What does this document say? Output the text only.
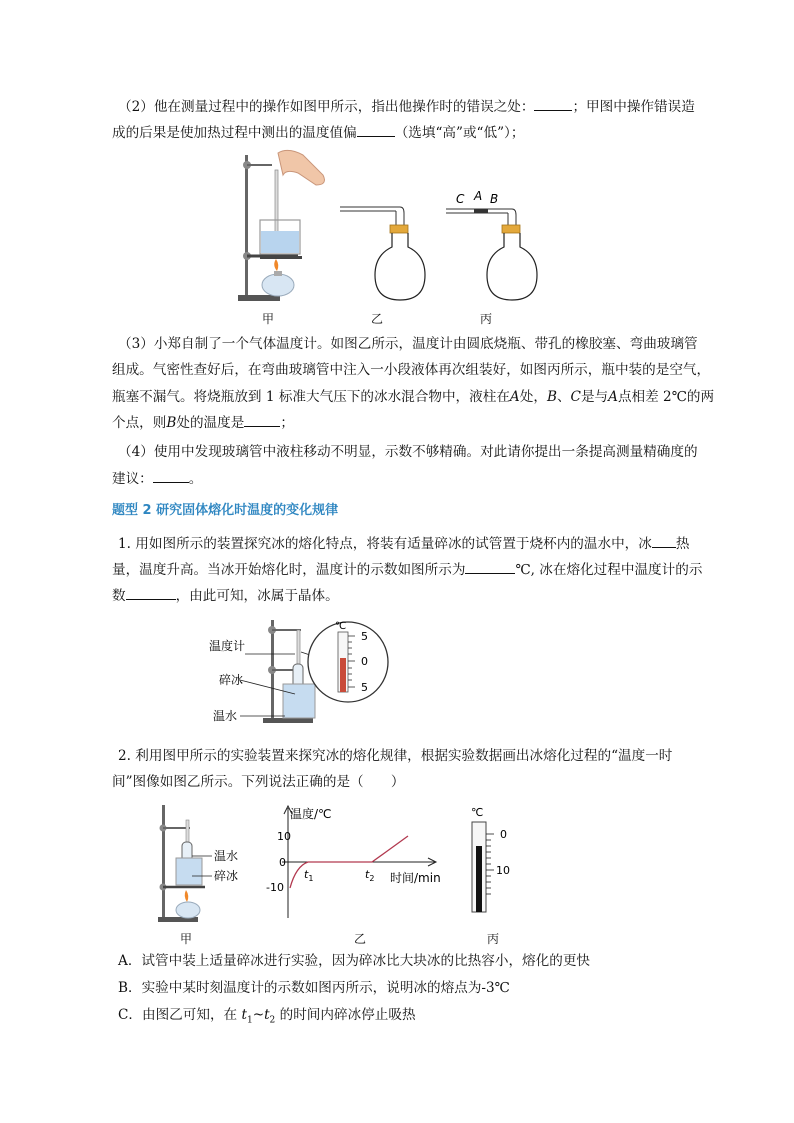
（2）他在测量过程中的操作如图甲所示，指出他操作时的错误之处：	；甲图中操作错误造
成的后果是使加热过程中测出的温度值偏	（选填“高”或“低”）；
C A B
甲	乙	丙
（3）小郑自制了一个气体温度计。如图乙所示，温度计由圆底烧瓶、带孔的橡胶塞、弯曲玻璃管
组成。气密性查好后，在弯曲玻璃管中注入一小段液体再次组装好，如图丙所示，瓶中装的是空气，
瓶塞不漏气。将烧瓶放到 1 标准大气压下的冰水混合物中，液柱在A处，B、C是与A点相差 2℃的两
个点，则B处的温度是	；
（4）使用中发现玻璃管中液柱移动不明显，示数不够精确。对此请你提出一条提高测量精确度的
建议：	。
题型 2 研究固体熔化时温度的变化规律
1. 用如图所示的装置探究冰的熔化特点，将装有适量碎冰的试管置于烧杯内的温水中，冰 热
量，温度升高。当冰开始熔化时，温度计的示数如图所示为	℃, 冰在熔化过程中温度计的示
数	，由此可知，冰属于晶体。
℃
5
0
5
温度计
碎冰
温水
2. 利用图甲所示的实验装置来探究冰的熔化规律，根据实验数据画出冰熔化过程的“温度一时
间”图像如图乙所示。下列说法正确的是（　　）
温水
碎冰
温度/℃
时间/min
10
0
-10
$t_1$	$t_2$
℃
0
10
甲	乙	丙
A．试管中装上适量碎冰进行实验，因为碎冰比大块冰的比热容小，熔化的更快
B．实验中某时刻温度计的示数如图丙所示，说明冰的熔点为-3℃
C．由图乙可知，在 $t_1\sim t_2$ 的时间内碎冰停止吸热
